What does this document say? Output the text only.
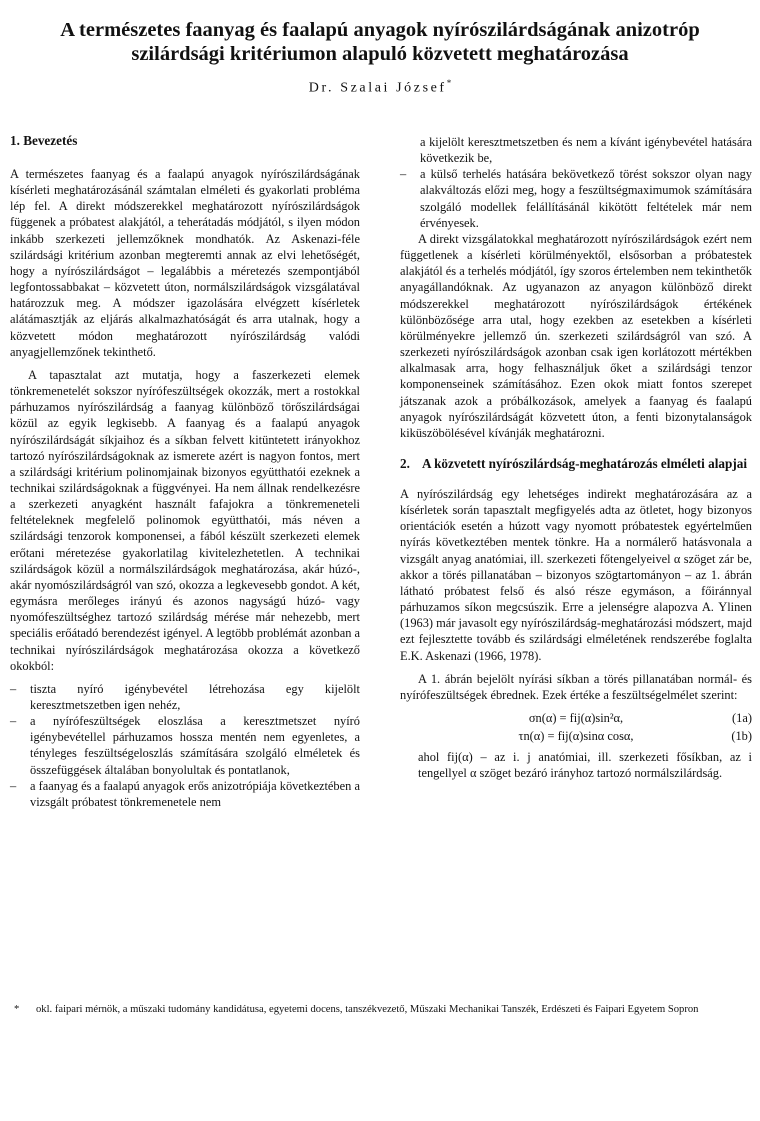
A természetes faanyag és faalapú anyagok nyírószilárdságának anizotróp
szilárdsági kritériumon alapuló közvetett meghatározása
Dr. Szalai József*
1. Bevezetés

A természetes faanyag és a faalapú anyagok nyírószilárdságának kísérleti meghatározásánál számtalan elméleti és gyakorlati probléma lép fel. A direkt módszerekkel meghatározott nyírószilárdságok függenek a próbatest alakjától, a teherátadás módjától, s ilyen módon inkább szerkezeti jellemzőknek mondhatók. Az Askenazi-féle szilárdsági kritérium azonban megteremti annak az elvi lehetőségét, hogy a nyírószilárdságot – legalábbis a méretezés szempontjából legfontossabbakat – közvetett úton, normálszilárdságok vizsgálatával határozzuk meg. A módszer igazolására elvégzett kísérletek alátámasztják az eljárás alkalmazhatóságát és arra utalnak, hogy a közvetett módon meghatározott nyírószilárdság valódi anyagjellemzőnek tekinthető.

A tapasztalat azt mutatja, hogy a faszerkezeti elemek tönkremenetelét sokszor nyírófeszültségek okozzák, mert a rostokkal párhuzamos nyírószilárdság a faanyag különböző törőszilárdságai közül az egyik legkisebb. A faanyag és a faalapú anyagok nyírószilárdságát síkjaihoz és a síkban felvett kitüntetett irányokhoz tartozó nyírószilárdságoknak az ismerete azért is nagyon fontos, mert a szilárdsági kritérium polinomjainak bizonyos együtthatói ezeknek a technikai szilárdságoknak a függvényei. Ha nem állnak rendelkezésre a szerkezeti anyagként használt fafajokra a tönkremeneteli feltételeknek megfelelő polinomok együtthatói, más néven a szilárdsági tenzorok komponensei, a fából készült szerkezeti elemek erőtani méretezése gyakorlatilag kivitelezhetetlen. A technikai szilárdságok közül a normálszilárdságok meghatározása, akár húzó-, akár nyomószilárdságról van szó, okozza a legkevesebb gondot. A két, egymásra merőleges irányú és azonos nagyságú húzó- vagy nyomófeszültséghez tartozó szilárdság mérése már nehezebb, mert speciális erőátadó berendezést igényel. A legtöbb problémát azonban a technikai nyírószilárdságok meghatározása okozza a következő okokból:

– tiszta nyíró igénybevétel létrehozása egy kijelölt keresztmetszetben igen nehéz,
– a nyírófeszültségek eloszlása a keresztmetszet nyíró igénybevétellel párhuzamos hossza mentén nem egyenletes, a tényleges feszültségeloszlás számítására szolgáló elméletek és összefüggések általában bonyolultak és pontatlanok,
– a faanyag és a faalapú anyagok erős anizotrópiája következtében a vizsgált próbatest tönkremenetele nem

a kijelölt keresztmetszetben és nem a kívánt igénybevétel hatására következik be,

– a külső terhelés hatására bekövetkező törést sokszor olyan nagy alakváltozás előzi meg, hogy a feszültségmaximumok számítására szolgáló modellek felállításánál kikötött feltételek már nem érvényesek.

A direkt vizsgálatokkal meghatározott nyírószilárdságok ezért nem függetlenek a kísérleti körülményektől, elsősorban a próbatestek alakjától és a terhelés módjától, így szoros értelemben nem tekinthetők anyagállandóknak. Az ugyanazon az anyagon különböző direkt módszerekkel meghatározott nyírószilárdságok értékének különbözősége arra utal, hogy ezekben az esetekben a kísérleti körülményekre jellemző ún. szerkezeti szilárdságról van szó. A szerkezeti nyírószilárdságok azonban csak igen korlátozott mértékben alkalmasak arra, hogy felhasználjuk őket a szilárdsági tenzor komponenseinek számításához. Ezen okok miatt fontos szerepet játszanak azok a próbálkozások, amelyek a faanyag és faalapú anyagok nyírószilárdságát közvetett úton, a fenti bizonytalanságok kiküszöbölésével kívánják meghatározni.

2. A közvetett nyírószilárdság-meghatározás elméleti alapjai

A nyírószilárdság egy lehetséges indirekt meghatározására az a kísérletek során tapasztalt megfigyelés adta az ötletet, hogy bizonyos orientációk esetén a húzott vagy nyomott próbatestek egyértelműen nyírás következtében mentek tönkre. Ha a normálerő hatásvonala a vizsgált anyag anatómiai, ill. szerkezeti főtengelyeivel α szöget zár be, akkor a törés pillanatában – bizonyos szögtartományon – az 1. ábrán látható próbatest felső és alsó része egymáson, a főiránnyal párhuzamos síkon megcsúszik. Erre a jelenségre alapozva A. Ylinen (1963) már javasolt egy nyírószilárdság-meghatározási módszert, majd ezt fejlesztette tovább és szilárdsági elméletének rendszerébe foglalta E.K. Askenazi (1966, 1978).

A 1. ábrán bejelölt nyírási síkban a törés pillanatában normál- és nyírófeszültségek ébrednek. Ezek értéke a feszültségelmélet szerint:

σn(α) = fij(α)sin²α,	(1a)
τn(α) = fij(α)sinα cosα,	(1b)

ahol fij(α) – az i. j anatómiai, ill. szerkezeti fősíkban, az i tengellyel α szöget bezáró irányhoz tartozó normálszilárdság.

*	okl. faipari mérnök, a műszaki tudomány kandidátusa, egyetemi docens, tanszékvezető, Műszaki Mechanikai Tanszék, Erdészeti és Faipari Egyetem Sopron
